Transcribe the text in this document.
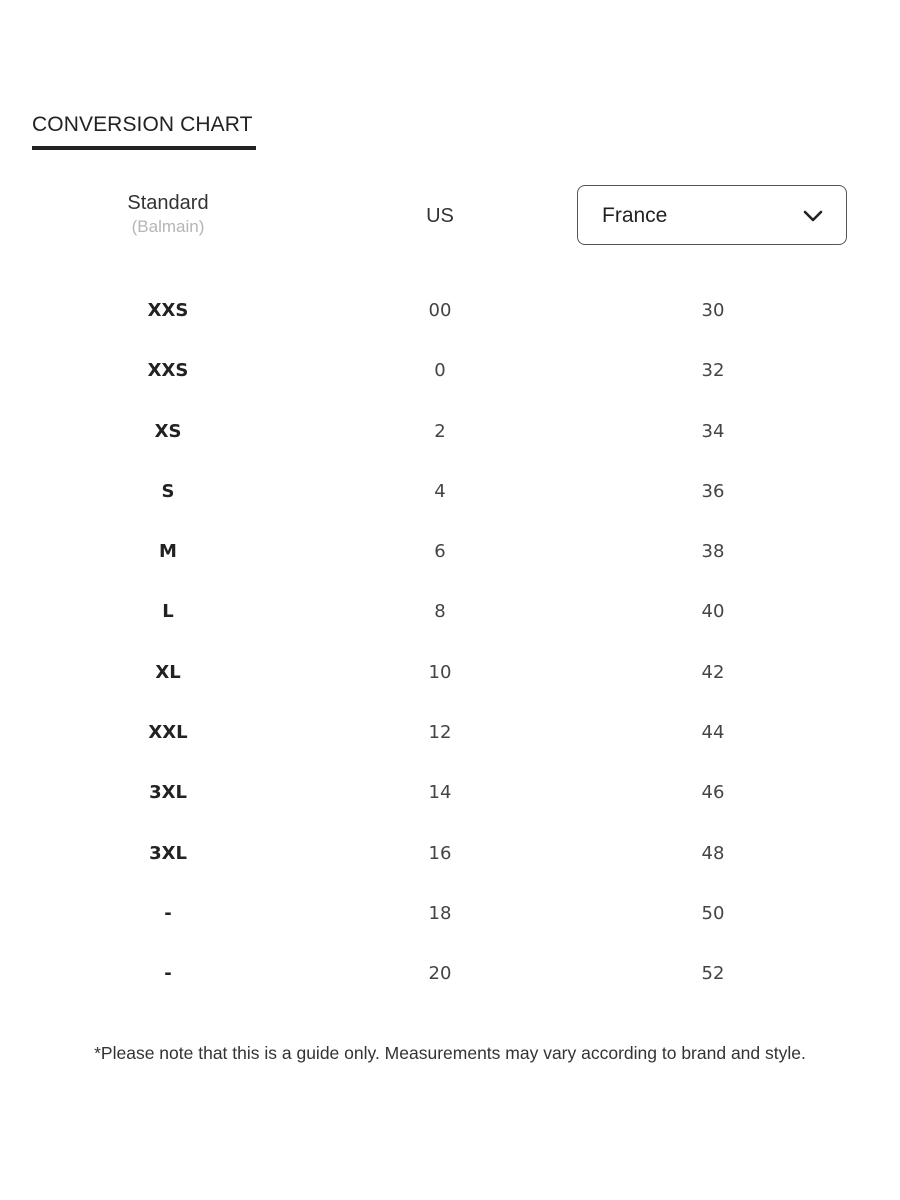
CONVERSION CHART
Standard
(Balmain)	US	France
XXS	00	30
XXS	0	32
XS	2	34
S	4	36
M	6	38
L	8	40
XL	10	42
XXL	12	44
3XL	14	46
3XL	16	48
-	18	50
-	20	52
*Please note that this is a guide only. Measurements may vary according to brand and style.
